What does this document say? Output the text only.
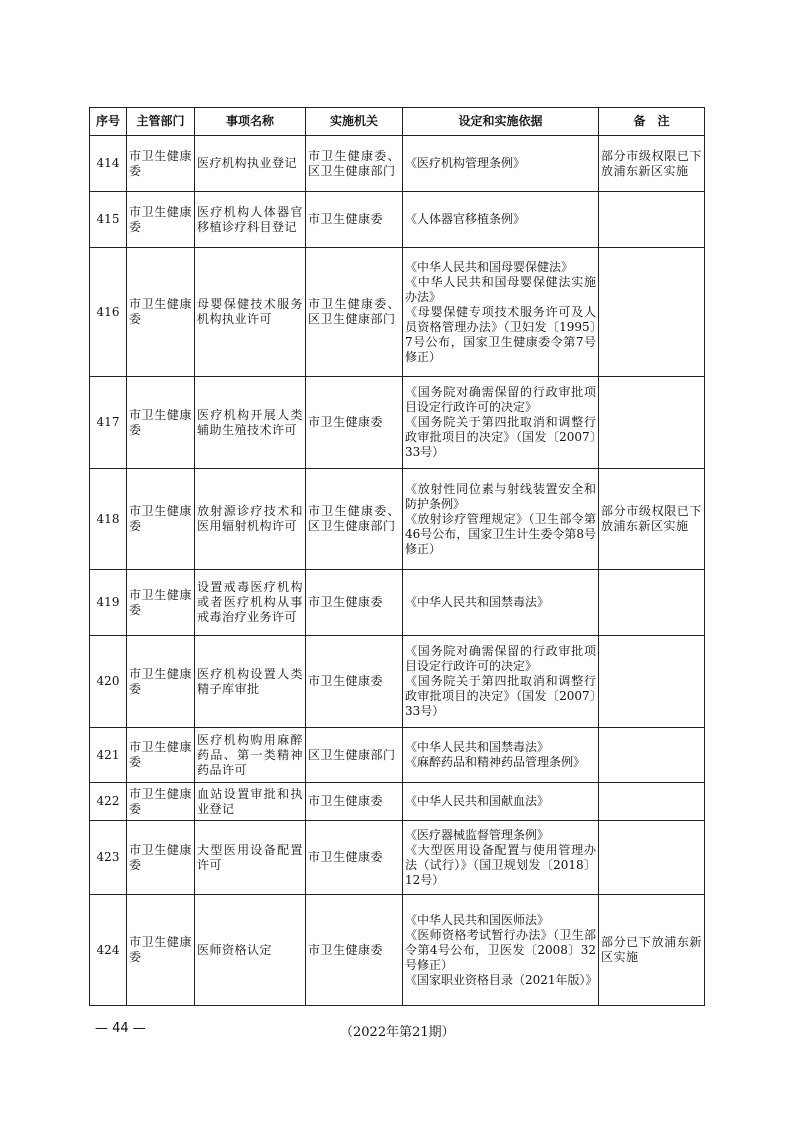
序号	主管部门	事项名称	实施机关	设定和实施依据	备　注
414	市卫生健康委	医疗机构执业登记	市卫生健康委、区卫生健康部门	《医疗机构管理条例》	部分市级权限已下放浦东新区实施
415	市卫生健康委	医疗机构人体器官移植诊疗科目登记	市卫生健康委	《人体器官移植条例》	

416	市卫生健康委	母婴保健技术服务机构执业许可	市卫生健康委、区卫生健康部门	《中华人民共和国母婴保健法》
《中华人民共和国母婴保健法实施办法》
《母婴保健专项技术服务许可及人员资格管理办法》（卫妇发〔1995〕7号公布，国家卫生健康委令第7号修正）	

417	市卫生健康委	医疗机构开展人类辅助生殖技术许可	市卫生健康委	《国务院对确需保留的行政审批项目设定行政许可的决定》
《国务院关于第四批取消和调整行政审批项目的决定》（国发〔2007〕33号）	

418	市卫生健康委	放射源诊疗技术和医用辐射机构许可	市卫生健康委、区卫生健康部门	《放射性同位素与射线装置安全和防护条例》
《放射诊疗管理规定》（卫生部令第46号公布，国家卫生计生委令第8号修正）	部分市级权限已下放浦东新区实施
419	市卫生健康委	设置戒毒医疗机构或者医疗机构从事戒毒治疗业务许可	市卫生健康委	《中华人民共和国禁毒法》	

420	市卫生健康委	医疗机构设置人类精子库审批	市卫生健康委	《国务院对确需保留的行政审批项目设定行政许可的决定》
《国务院关于第四批取消和调整行政审批项目的决定》（国发〔2007〕33号）	

421	市卫生健康委	医疗机构购用麻醉药品、第一类精神药品许可	区卫生健康部门	《中华人民共和国禁毒法》
《麻醉药品和精神药品管理条例》	

422	市卫生健康委	血站设置审批和执业登记	市卫生健康委	《中华人民共和国献血法》	

423	市卫生健康委	大型医用设备配置许可	市卫生健康委	《医疗器械监督管理条例》
《大型医用设备配置与使用管理办法（试行）》（国卫规划发〔2018〕12号）	

424	市卫生健康委	医师资格认定	市卫生健康委	《中华人民共和国医师法》
《医师资格考试暂行办法》（卫生部令第4号公布，卫医发〔2008〕32号修正）
《国家职业资格目录（2021年版）》	部分已下放浦东新区实施
— 44 —	（2022年第21期）
